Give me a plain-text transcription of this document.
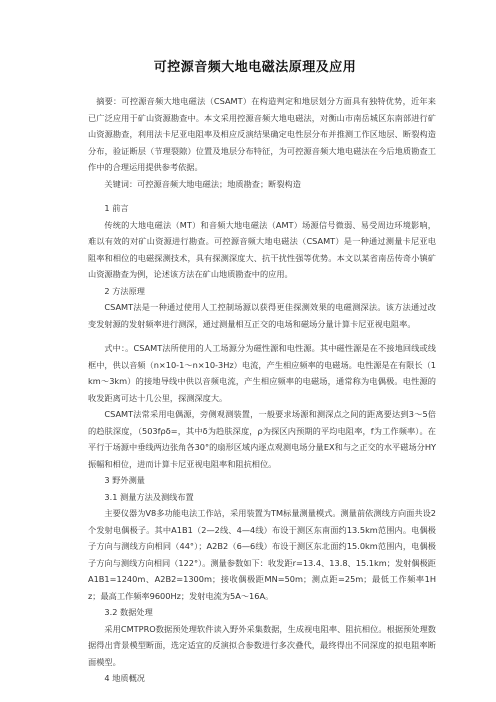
可控源音频大地电磁法原理及应用

摘要：可控源音频大地电磁法（CSAMT）在构造判定和地层划分方面具有独特优势，近年来已广泛应用于矿山资源勘查中。本文采用控源音频大地电磁法，对衡山市南岳城区东南部进行矿山资源勘查，利用法卡尼亚电阻率及相应反演结果确定电性层分布并推测工作区地层、断裂构造分布，验证断层（节理裂隙）位置及地层分布特征，为可控源音频大地电磁法在今后地质勘查工作中的合理运用提供参考依据。

关键词：可控源音频大地电磁法；地质勘查；断裂构造

1 前言

传统的大地电磁法（MT）和音频大地电磁法（AMT）场源信号微弱、易受周边环境影响，难以有效的对矿山资源进行勘查。可控源音频大地电磁法（CSAMT）是一种通过测量卡尼亚电阻率和相位的电磁探测技术，具有探测深度大、抗干扰性强等优势。本文以某省南岳传奇小镇矿山资源勘查为例，论述该方法在矿山地质勘查中的应用。

2 方法原理

CSAMT法是一种通过使用人工控制场源以获得更佳探测效果的电磁测深法。该方法通过改变发射源的发射频率进行测深，通过测量相互正交的电场和磁场分量计算卡尼亚视电阻率。

式中：。CSAMT法所使用的人工场源分为磁性源和电性源。其中磁性源是在不接地回线或线框中，供以音频（n×10-1～n×10-3Hz）电流，产生相应频率的电磁场。电性源是在有限长（1km～3km）的接地导线中供以音频电流，产生相应频率的电磁场，通常称为电偶极。电性源的收发距离可达十几公里，探测深度大。

CSAMT法常采用电偶源，旁侧观测装置，一般要求场源和测深点之间的距离要达到3～5倍的趋肤深度，（503fρδ=，其中δ为趋肤深度，ρ为探区内预期的平均电阻率，f为工作频率）。在平行于场源中垂线两边张角各30°的扇形区域内逐点观测电场分量EX和与之正交的水平磁场分HY振幅和相位，进而计算卡尼亚视电阻率和阻抗相位。

3 野外测量

3.1 测量方法及测线布置

主要仪器为V8多功能电法工作站，采用装置为TM标量测量模式。测量前依测线方向面共设2个发射电偶极子。其中A1B1（2—2线、4—4线）布设于测区东南面约13.5km范围内。电偶极子方向与测线方向相同（44°）；A2B2（6—6线）布设于测区东北面约15.0km范围内，电偶极子方向与测线方向相同（122°）。测量参数如下：收发距r=13.4、13.8、15.1km；发射偶极距A1B1=1240m、A2B2=1300m；接收偶极距MN=50m；测点距=25m；最低工作频率1Hz；最高工作频率9600Hz；发射电流为5A～16A。

3.2 数据处理

采用CMTPRO数据预处理软件读入野外采集数据，生成视电阻率、阻抗相位。根据预处理数据得出背景模型断面，选定适宜的反演拟合参数进行多次叠代，最终得出不同深度的拟电阻率断面模型。

4 地质概况
